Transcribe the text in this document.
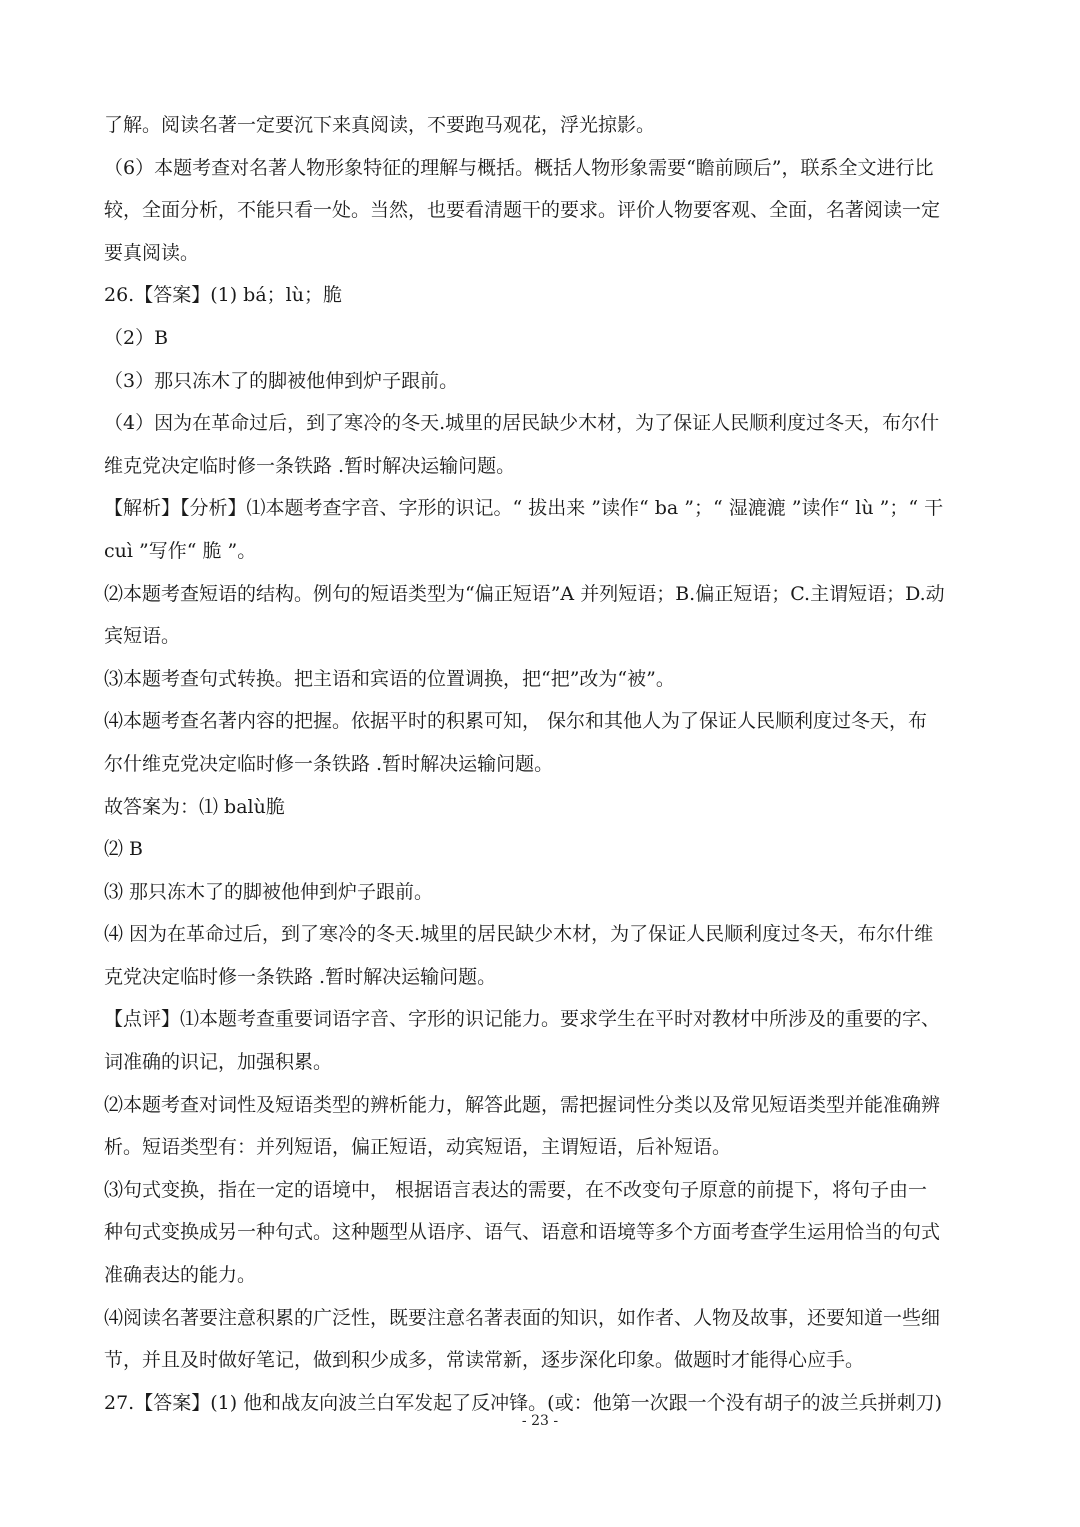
了解。阅读名著一定要沉下来真阅读，不要跑马观花，浮光掠影。
（6）本题考查对名著人物形象特征的理解与概括。概括人物形象需要“瞻前顾后”，联系全文进行比
较，全面分析，不能只看一处。当然，也要看清题干的要求。评价人物要客观、全面，名著阅读一定
要真阅读。
26.【答案】(1) bá；lù；脆
（2）B
（3）那只冻木了的脚被他伸到炉子跟前。
（4）因为在革命过后，到了寒冷的冬天.城里的居民缺少木材，为了保证人民顺利度过冬天，布尔什
维克党决定临时修一条铁路 .暂时解决运输问题。
【解析】【分析】⑴本题考查字音、字形的识记。“ 拔出来 ”读作“ ba ”；“ 湿漉漉 ”读作“ lù ”；“ 干
cuì ”写作“ 脆 ”。
⑵本题考查短语的结构。例句的短语类型为“偏正短语”A 并列短语；B.偏正短语；C.主谓短语；D.动
宾短语。
⑶本题考查句式转换。把主语和宾语的位置调换，把“把”改为“被”。
⑷本题考查名著内容的把握。依据平时的积累可知， 保尔和其他人为了保证人民顺利度过冬天，布
尔什维克党决定临时修一条铁路 .暂时解决运输问题。
故答案为：⑴ balù脆
⑵ B
⑶ 那只冻木了的脚被他伸到炉子跟前。
⑷ 因为在革命过后，到了寒冷的冬天.城里的居民缺少木材，为了保证人民顺利度过冬天，布尔什维
克党决定临时修一条铁路 .暂时解决运输问题。
【点评】⑴本题考查重要词语字音、字形的识记能力。要求学生在平时对教材中所涉及的重要的字、
词准确的识记，加强积累。
⑵本题考查对词性及短语类型的辨析能力，解答此题，需把握词性分类以及常见短语类型并能准确辨
析。短语类型有：并列短语，偏正短语，动宾短语，主谓短语，后补短语。
⑶句式变换，指在一定的语境中， 根据语言表达的需要，在不改变句子原意的前提下，将句子由一
种句式变换成另一种句式。这种题型从语序、语气、语意和语境等多个方面考查学生运用恰当的句式
准确表达的能力。
⑷阅读名著要注意积累的广泛性，既要注意名著表面的知识，如作者、人物及故事，还要知道一些细
节，并且及时做好笔记，做到积少成多，常读常新，逐步深化印象。做题时才能得心应手。
27.【答案】(1) 他和战友向波兰白军发起了反冲锋。(或：他第一次跟一个没有胡子的波兰兵拼刺刀)
- 23 -
